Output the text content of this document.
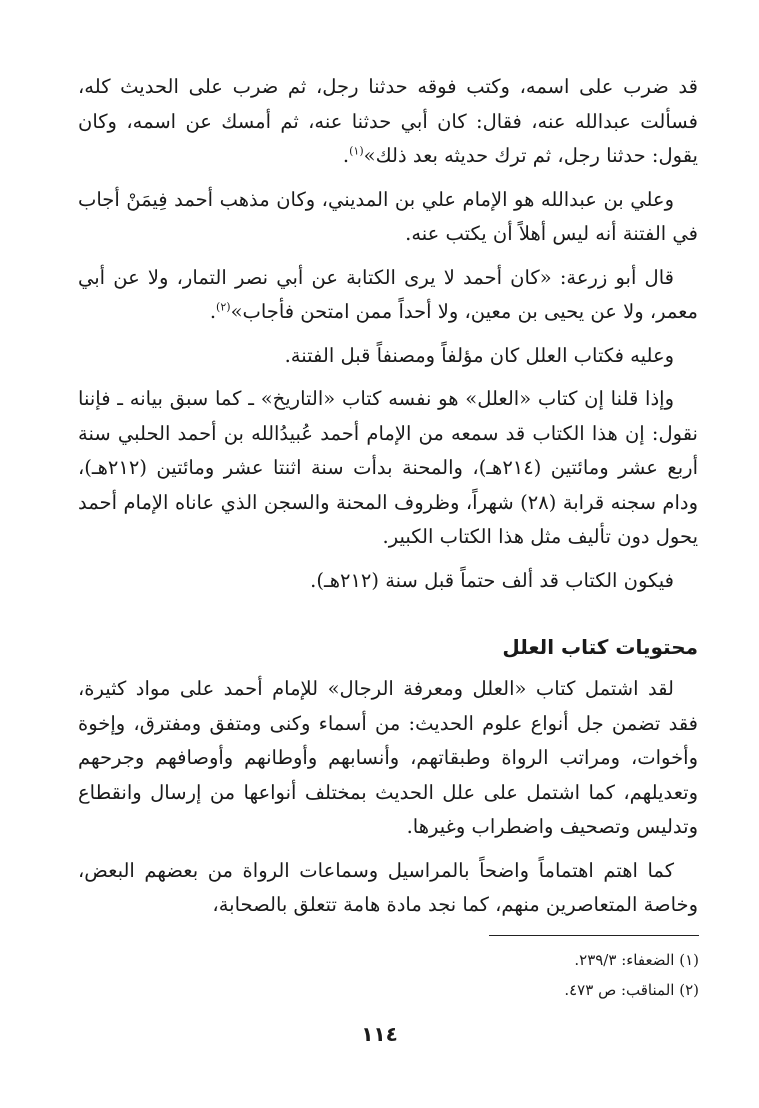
قد ضرب على اسمه، وكتب فوقه حدثنا رجل، ثم ضرب على الحديث كله، فسألت عبدالله عنه، فقال: كان أبي حدثنا عنه، ثم أمسك عن اسمه، وكان يقول: حدثنا رجل، ثم ترك حديثه بعد ذلك»$^{(١)}$.

وعلي بن عبدالله هو الإمام علي بن المديني، وكان مذهب أحمد فِيمَنْ أجاب في الفتنة أنه ليس أهلاً أن يكتب عنه.

قال أبو زرعة: «كان أحمد لا يرى الكتابة عن أبي نصر التمار، ولا عن أبي معمر، ولا عن يحيى بن معين، ولا أحداً ممن امتحن فأجاب»$^{(٢)}$.

وعليه فكتاب العلل كان مؤلفاً ومصنفاً قبل الفتنة.

وإذا قلنا إن كتاب «العلل» هو نفسه كتاب «التاريخ» ـ كما سبق بيانه ـ فإننا نقول: إن هذا الكتاب قد سمعه من الإمام أحمد عُبيدُالله بن أحمد الحلبي سنة أربع عشر ومائتين (٢١٤هـ)، والمحنة بدأت سنة اثنتا عشر ومائتين (٢١٢هـ)، ودام سجنه قرابة (٢٨) شهراً، وظروف المحنة والسجن الذي عاناه الإمام أحمد يحول دون تأليف مثل هذا الكتاب الكبير.

فيكون الكتاب قد ألف حتماً قبل سنة (٢١٢هـ).

محتويات كتاب العلل

لقد اشتمل كتاب «العلل ومعرفة الرجال» للإمام أحمد على مواد كثيرة، فقد تضمن جل أنواع علوم الحديث: من أسماء وكنى ومتفق ومفترق، وإخوة وأخوات، ومراتب الرواة وطبقاتهم، وأنسابهم وأوطانهم وأوصافهم وجرحهم وتعديلهم، كما اشتمل على علل الحديث بمختلف أنواعها من إرسال وانقطاع وتدليس وتصحيف واضطراب وغيرها.

كما اهتم اهتماماً واضحاً بالمراسيل وسماعات الرواة من بعضهم البعض، وخاصة المتعاصرين منهم، كما نجد مادة هامة تتعلق بالصحابة،

(١) الضعفاء: ٢٣٩/٣.

(٢) المناقب: ص ٤٧٣.

١١٤
